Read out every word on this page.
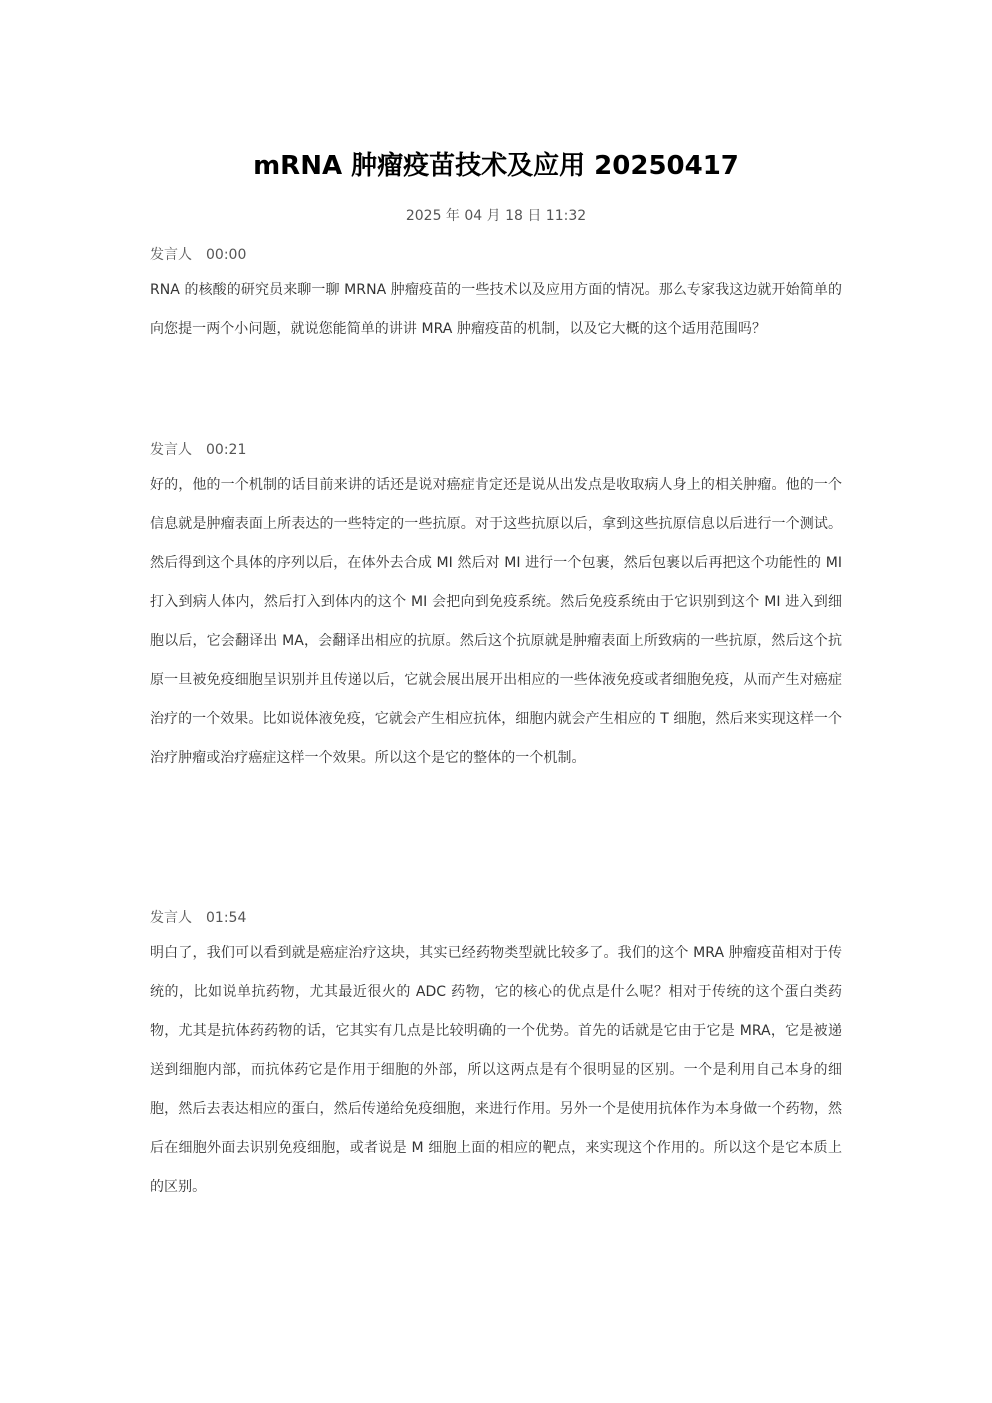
mRNA 肿瘤疫苗技术及应用 20250417
2025 年 04 月 18 日 11:32
发言人 00:00
RNA 的核酸的研究员来聊一聊 MRNA 肿瘤疫苗的一些技术以及应用方面的情况。那么专家我这边就开始简单的向您提一两个小问题，就说您能简单的讲讲 MRA 肿瘤疫苗的机制，以及它大概的这个适用范围吗？
发言人 00:21
好的，他的一个机制的话目前来讲的话还是说对癌症肯定还是说从出发点是收取病人身上的相关肿瘤。他的一个信息就是肿瘤表面上所表达的一些特定的一些抗原。对于这些抗原以后，拿到这些抗原信息以后进行一个测试。然后得到这个具体的序列以后，在体外去合成 MI 然后对 MI 进行一个包裹，然后包裹以后再把这个功能性的 MI 打入到病人体内，然后打入到体内的这个 MI 会把向到免疫系统。然后免疫系统由于它识别到这个 MI 进入到细胞以后，它会翻译出 MA，会翻译出相应的抗原。然后这个抗原就是肿瘤表面上所致病的一些抗原，然后这个抗原一旦被免疫细胞呈识别并且传递以后，它就会展出展开出相应的一些体液免疫或者细胞免疫，从而产生对癌症治疗的一个效果。比如说体液免疫，它就会产生相应抗体，细胞内就会产生相应的 T 细胞，然后来实现这样一个治疗肿瘤或治疗癌症这样一个效果。所以这个是它的整体的一个机制。
发言人 01:54
明白了，我们可以看到就是癌症治疗这块，其实已经药物类型就比较多了。我们的这个 MRA 肿瘤疫苗相对于传统的，比如说单抗药物，尤其最近很火的 ADC 药物，它的核心的优点是什么呢？相对于传统的这个蛋白类药物，尤其是抗体药药物的话，它其实有几点是比较明确的一个优势。首先的话就是它由于它是 MRA，它是被递送到细胞内部，而抗体药它是作用于细胞的外部，所以这两点是有个很明显的区别。一个是利用自己本身的细胞，然后去表达相应的蛋白，然后传递给免疫细胞，来进行作用。另外一个是使用抗体作为本身做一个药物，然后在细胞外面去识别免疫细胞，或者说是 M 细胞上面的相应的靶点，来实现这个作用的。所以这个是它本质上的区别。
